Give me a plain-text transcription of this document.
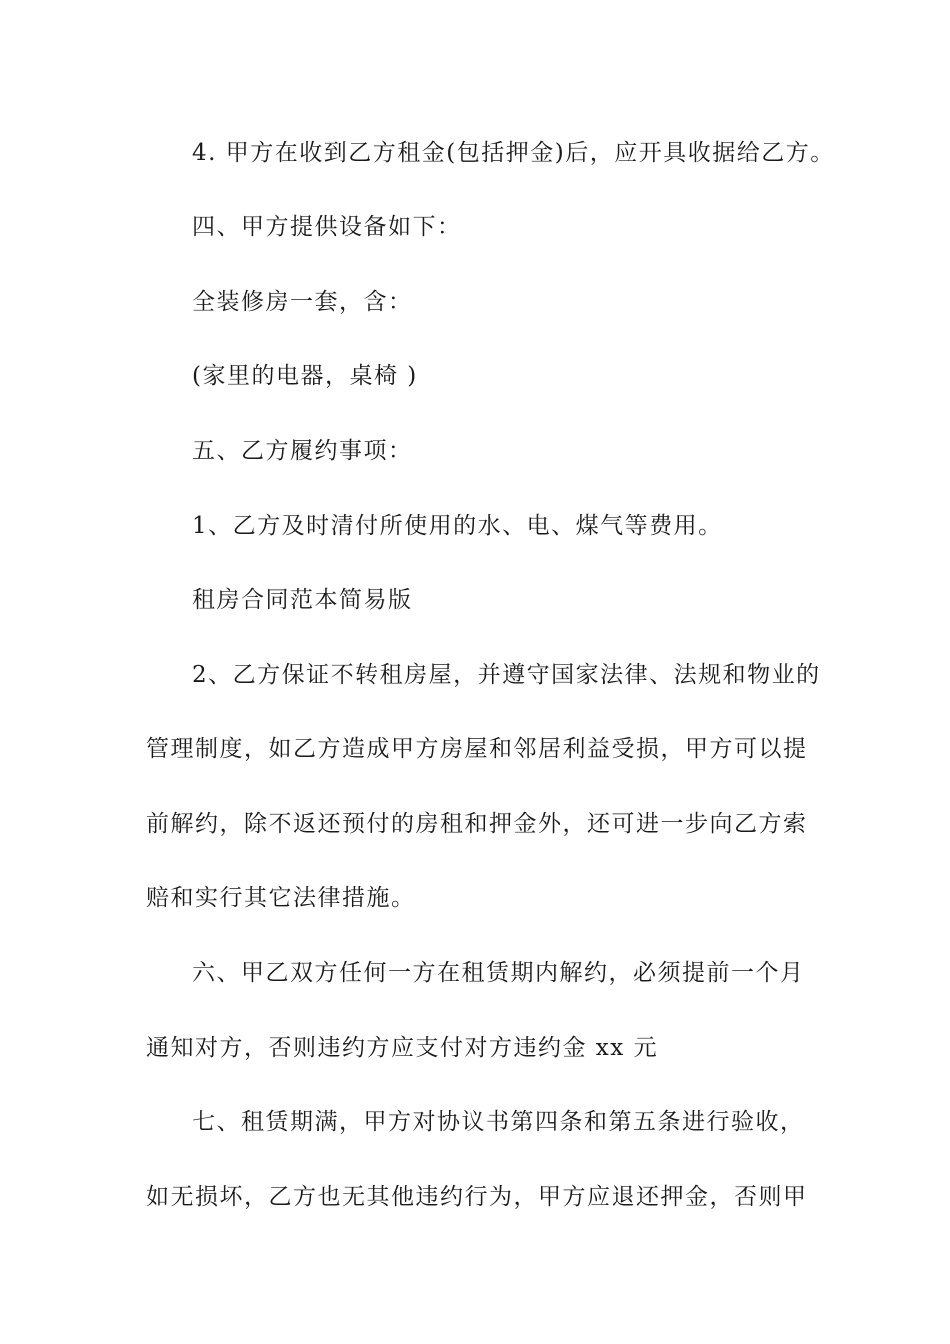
4. 甲方在收到乙方租金(包括押金)后，应开具收据给乙方。
四、甲方提供设备如下：
全装修房一套，含：
(家里的电器，桌椅 )
五、乙方履约事项：
1、乙方及时清付所使用的水、电、煤气等费用。
租房合同范本简易版
2、乙方保证不转租房屋，并遵守国家法律、法规和物业的
管理制度，如乙方造成甲方房屋和邻居利益受损，甲方可以提
前解约，除不返还预付的房租和押金外，还可进一步向乙方索
赔和实行其它法律措施。
六、甲乙双方任何一方在租赁期内解约，必须提前一个月
通知对方，否则违约方应支付对方违约金 xx 元
七、租赁期满，甲方对协议书第四条和第五条进行验收，
如无损坏，乙方也无其他违约行为，甲方应退还押金，否则甲
